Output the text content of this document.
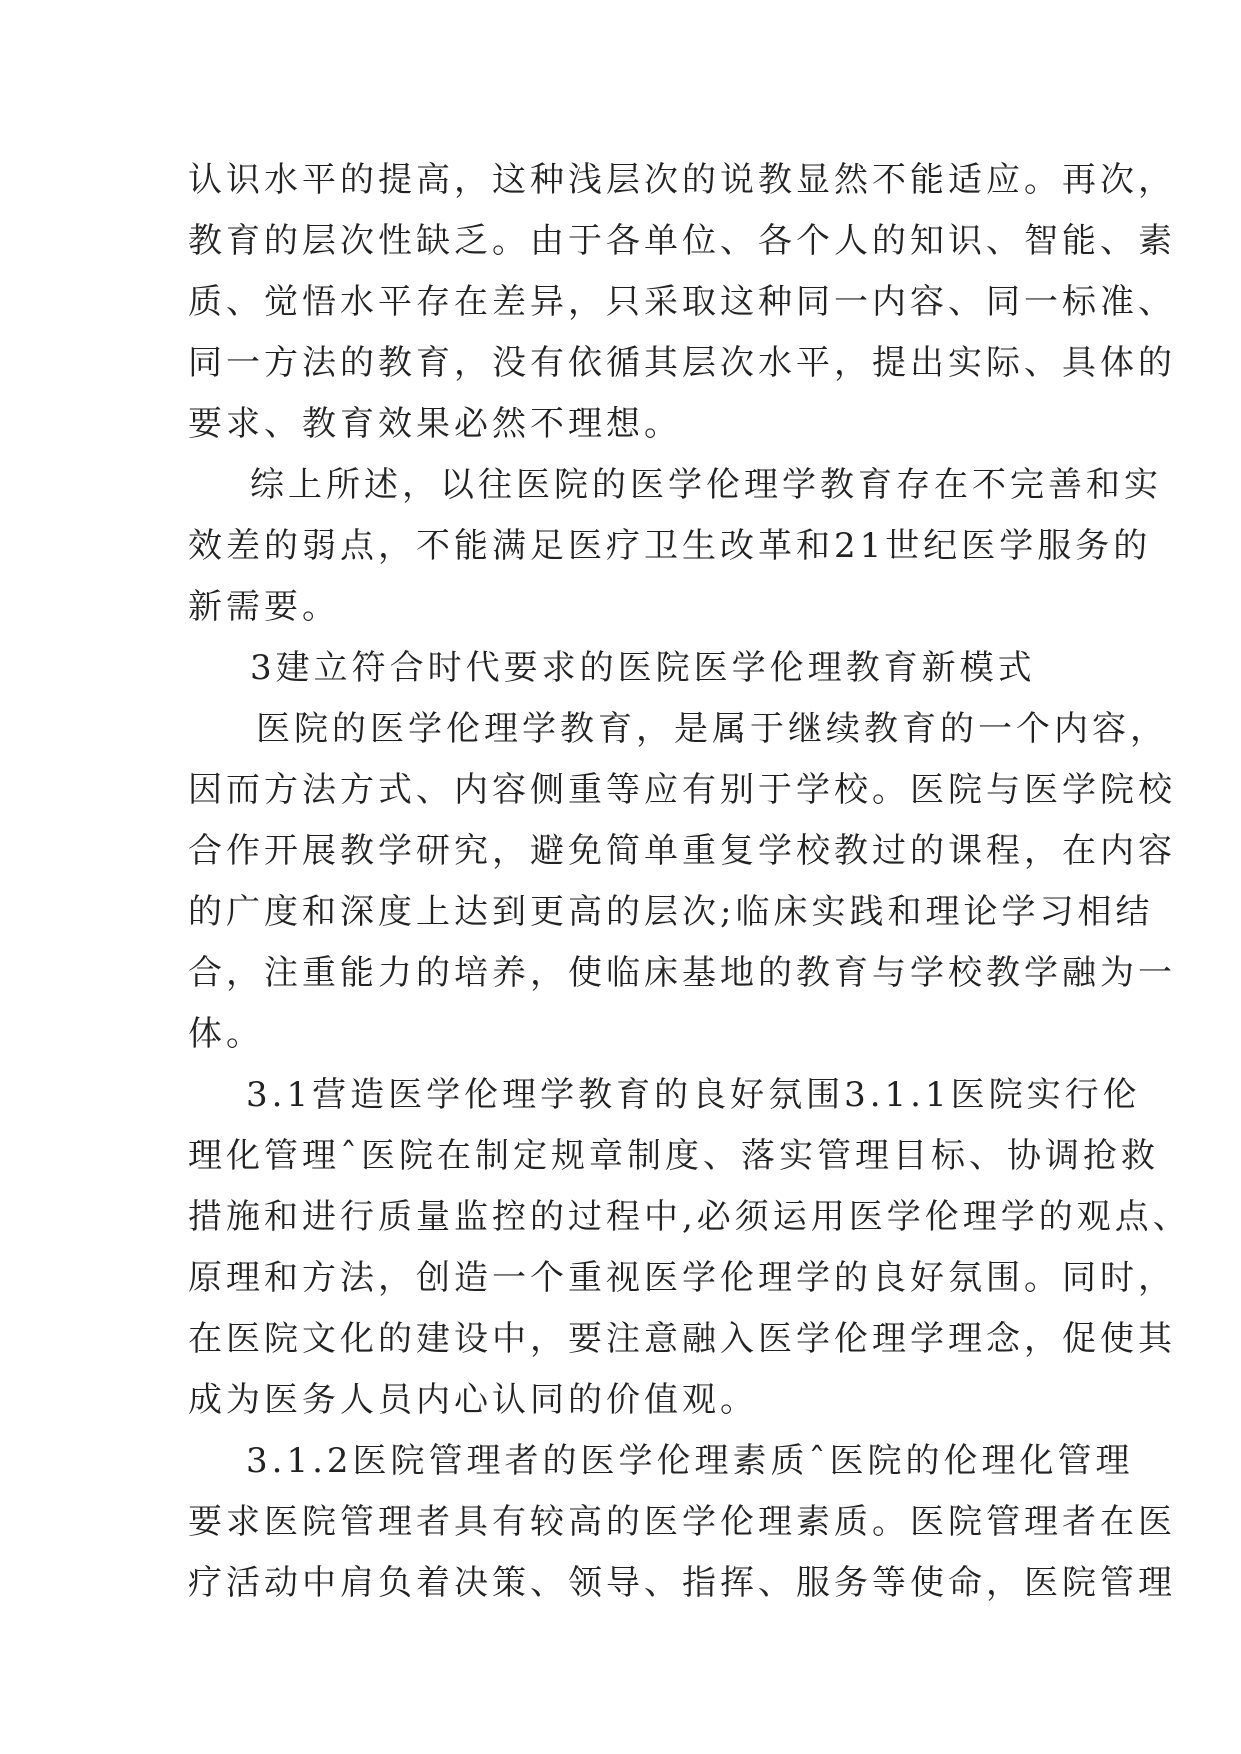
认识水平的提高，这种浅层次的说教显然不能适应。再次，
教育的层次性缺乏。由于各单位、各个人的知识、智能、素
质、觉悟水平存在差异，只采取这种同一内容、同一标准、
同一方法的教育，没有依循其层次水平，提出实际、具体的
要求、教育效果必然不理想。
综上所述，以往医院的医学伦理学教育存在不完善和实
效差的弱点，不能满足医疗卫生改革和21世纪医学服务的
新需要。
3建立符合时代要求的医院医学伦理教育新模式
医院的医学伦理学教育，是属于继续教育的一个内容，
因而方法方式、内容侧重等应有别于学校。医院与医学院校
合作开展教学研究，避免简单重复学校教过的课程，在内容
的广度和深度上达到更高的层次;临床实践和理论学习相结
合，注重能力的培养，使临床基地的教育与学校教学融为一
体。
3.1营造医学伦理学教育的良好氛围3.1.1医院实行伦
理化管理ˆ医院在制定规章制度、落实管理目标、协调抢救
措施和进行质量监控的过程中,必须运用医学伦理学的观点、
原理和方法，创造一个重视医学伦理学的良好氛围。同时，
在医院文化的建设中，要注意融入医学伦理学理念，促使其
成为医务人员内心认同的价值观。
3.1.2医院管理者的医学伦理素质ˆ医院的伦理化管理
要求医院管理者具有较高的医学伦理素质。医院管理者在医
疗活动中肩负着决策、领导、指挥、服务等使命，医院管理
